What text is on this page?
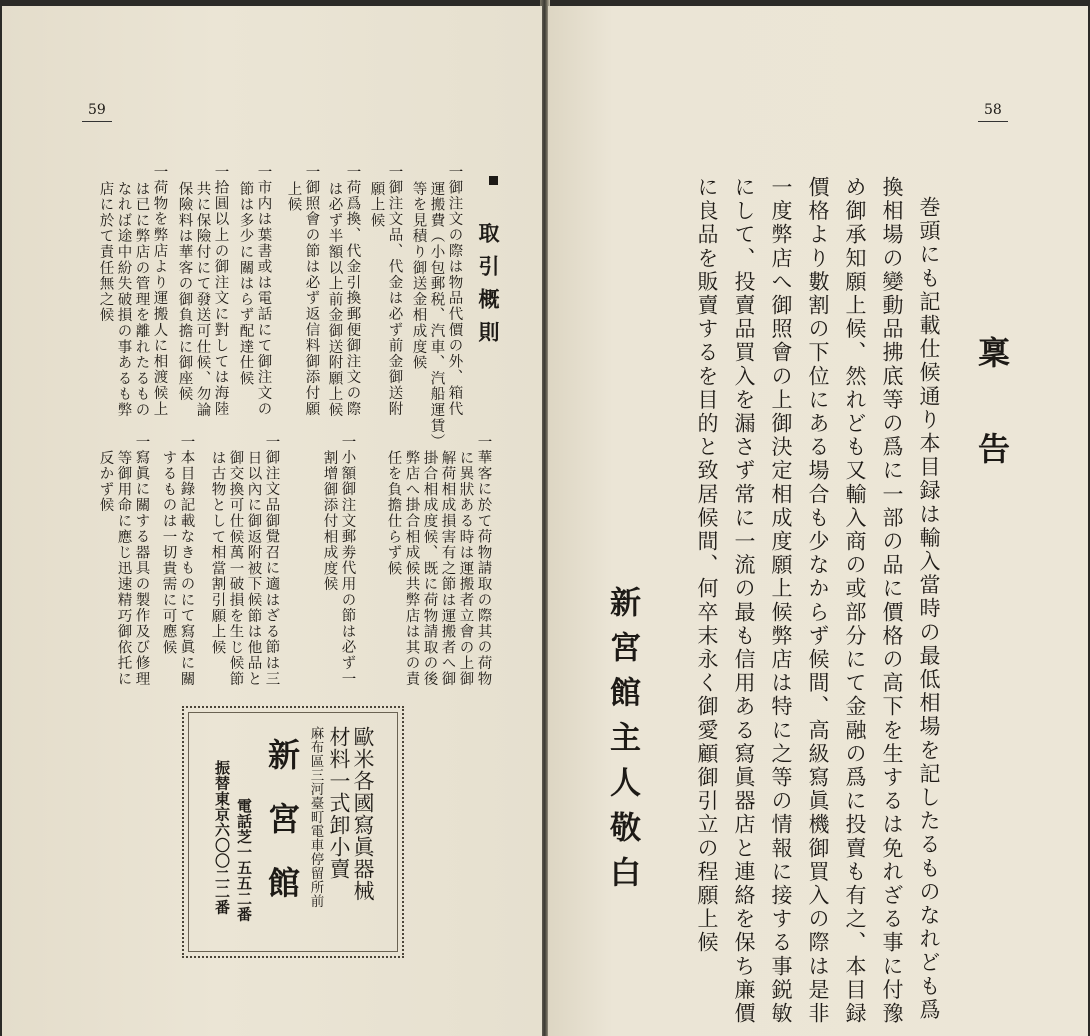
59
取引概則
一御注文の際は物品代價の外、箱代
運搬費（小包郵税、汽車、汽船運賃）
等を見積り御送金相成度候
一御注文品、代金は必ず前金御送附
願上候
一荷爲換、代金引換郵便御注文の際
は必ず半額以上前金御送附願上候
一御照會の節は必ず返信料御添付願
上候
一市内は葉書或は電話にて御注文の
節は多少に關はらず配達仕候
一拾圓以上の御注文に對しては海陸
共に保險付にて發送可仕候、勿論
保險料は華客の御負擔に御座候
一荷物を弊店より運搬人に相渡候上
は已に弊店の管理を離れたるもの
なれば途中紛失破損の事あるも弊
店に於て責任無之候
一華客に於て荷物請取の際其の荷物
に異狀ある時は運搬者立會の上御
解荷相成損害有之節は運搬者へ御
掛合相成度候、既に荷物請取の後
弊店へ掛合相成候共弊店は其の責
任を負擔仕らず候
一小額御注文郵劵代用の節は必ず一
割增御添付相成度候
一御注文品御覺召に適はざる節は三
日以內に御返附被下候節は他品と
御交換可仕候萬一破損を生じ候節
は古物として相當割引願上候
一本目錄記載なきものにて寫眞に關
するものは一切貴需に可應候
一寫眞に關する器具の製作及び修理
等御用命に應じ迅速精巧御依托に
反かず候
歐米各國寫眞器械
材料一式卸小賣
麻布區三河臺町電車停留所前
新　宮　館
電話芝一五五二番
振替東京六〇〇二二番
58
稟　　告
巻頭にも記載仕候通り本目録は輸入當時の最低相場を記したるものなれども爲
換相場の變動品拂底等の爲に一部の品に價格の高下を生するは免れざる事に付豫
め御承知願上候、然れども又輸入商の或部分にて金融の爲に投賣も有之、本目録
價格より數割の下位にある場合も少なからず候間、高級寫眞機御買入の際は是非
一度弊店へ御照會の上御決定相成度願上候弊店は特に之等の情報に接する事鋭敏
にして、投賣品買入を漏さず常に一流の最も信用ある寫眞器店と連絡を保ち廉價
に良品を販賣するを目的と致居候間、何卒末永く御愛顧御引立の程願上候
新宮館主人敬白
